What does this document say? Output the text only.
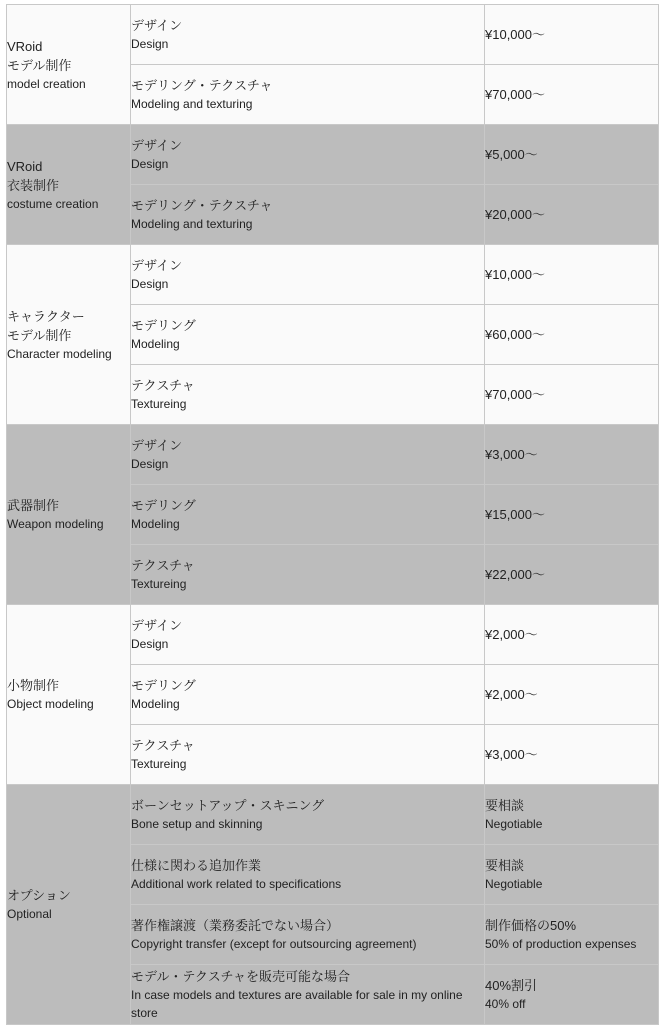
VRoid
モデル制作
model creation	デザイン
Design	¥10,000～

	モデリング・テクスチャ
Modeling and texturing	¥70,000～

VRoid
衣装制作
costume creation	デザイン
Design	¥5,000～

	モデリング・テクスチャ
Modeling and texturing	¥20,000～

キャラクター
モデル制作
Character modeling	デザイン
Design	¥10,000～

	モデリング
Modeling	¥60,000～

	テクスチャ
Textureing	¥70,000～

武器制作
Weapon modeling	デザイン
Design	¥3,000～

	モデリング
Modeling	¥15,000～

	テクスチャ
Textureing	¥22,000～

小物制作
Object modeling	デザイン
Design	¥2,000～

	モデリング
Modeling	¥2,000～

	テクスチャ
Textureing	¥3,000～

オプション
Optional	ボーンセットアップ・スキニング
Bone setup and skinning	要相談
Negotiable

	仕様に関わる追加作業
Additional work related to specifications	要相談
Negotiable

	著作権譲渡（業務委託でない場合）
Copyright transfer (except for outsourcing agreement)	制作価格の50%
50% of production expenses

	モデル・テクスチャを販売可能な場合
In case models and textures are available for sale in my online store	40%割引
40% off
